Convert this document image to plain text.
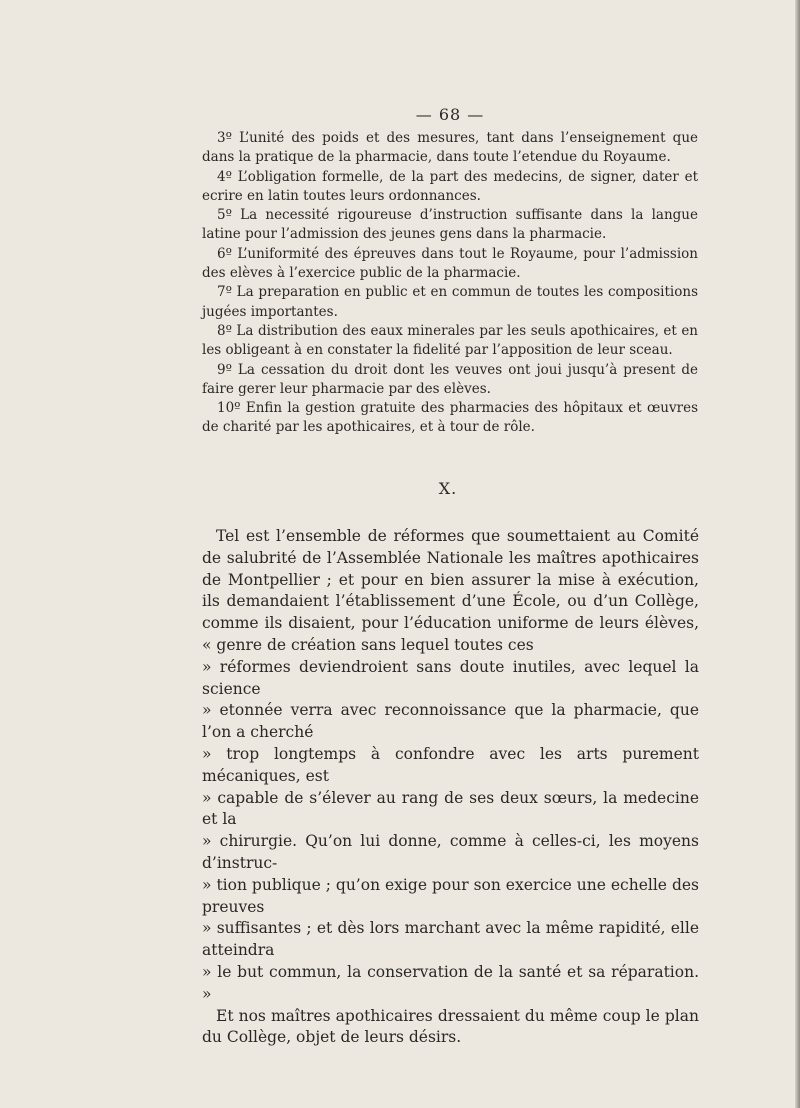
— 68 —

3º L’unité des poids et des mesures, tant dans l’enseignement que dans la pratique de la pharmacie, dans toute l’etendue du Royaume.

4º L’obligation formelle, de la part des medecins, de signer, dater et ecrire en latin toutes leurs ordonnances.

5º La necessité rigoureuse d’instruction suffisante dans la langue latine pour l’admission des jeunes gens dans la pharmacie.

6º L’uniformité des épreuves dans tout le Royaume, pour l’admission des elèves à l’exercice public de la pharmacie.

7º La preparation en public et en commun de toutes les compositions jugées importantes.

8º La distribution des eaux minerales par les seuls apothicaires, et en les obligeant à en constater la fidelité par l’apposition de leur sceau.

9º La cessation du droit dont les veuves ont joui jusqu’à present de faire gerer leur pharmacie par des elèves.

10º Enfin la gestion gratuite des pharmacies des hôpitaux et œuvres de charité par les apothicaires, et à tour de rôle.

X.

Tel est l’ensemble de réformes que soumettaient au Comité de salubrité de l’Assemblée Nationale les maîtres apothicaires de Montpellier ; et pour en bien assurer la mise à exécution, ils demandaient l’établissement d’une École, ou d’un Collège, comme ils disaient, pour l’éducation uniforme de leurs élèves, « genre de création sans lequel toutes ces

» réformes deviendroient sans doute inutiles, avec lequel la science
» etonnée verra avec reconnoissance que la pharmacie, que l’on a cherché
» trop longtemps à confondre avec les arts purement mécaniques, est
» capable de s’élever au rang de ses deux sœurs, la medecine et la
» chirurgie. Qu’on lui donne, comme à celles-ci, les moyens d’instruc-
» tion publique ; qu’on exige pour son exercice une echelle des preuves
» suffisantes ; et dès lors marchant avec la même rapidité, elle atteindra
» le but commun, la conservation de la santé et sa réparation. »

Et nos maîtres apothicaires dressaient du même coup le plan du Collège, objet de leurs désirs.
